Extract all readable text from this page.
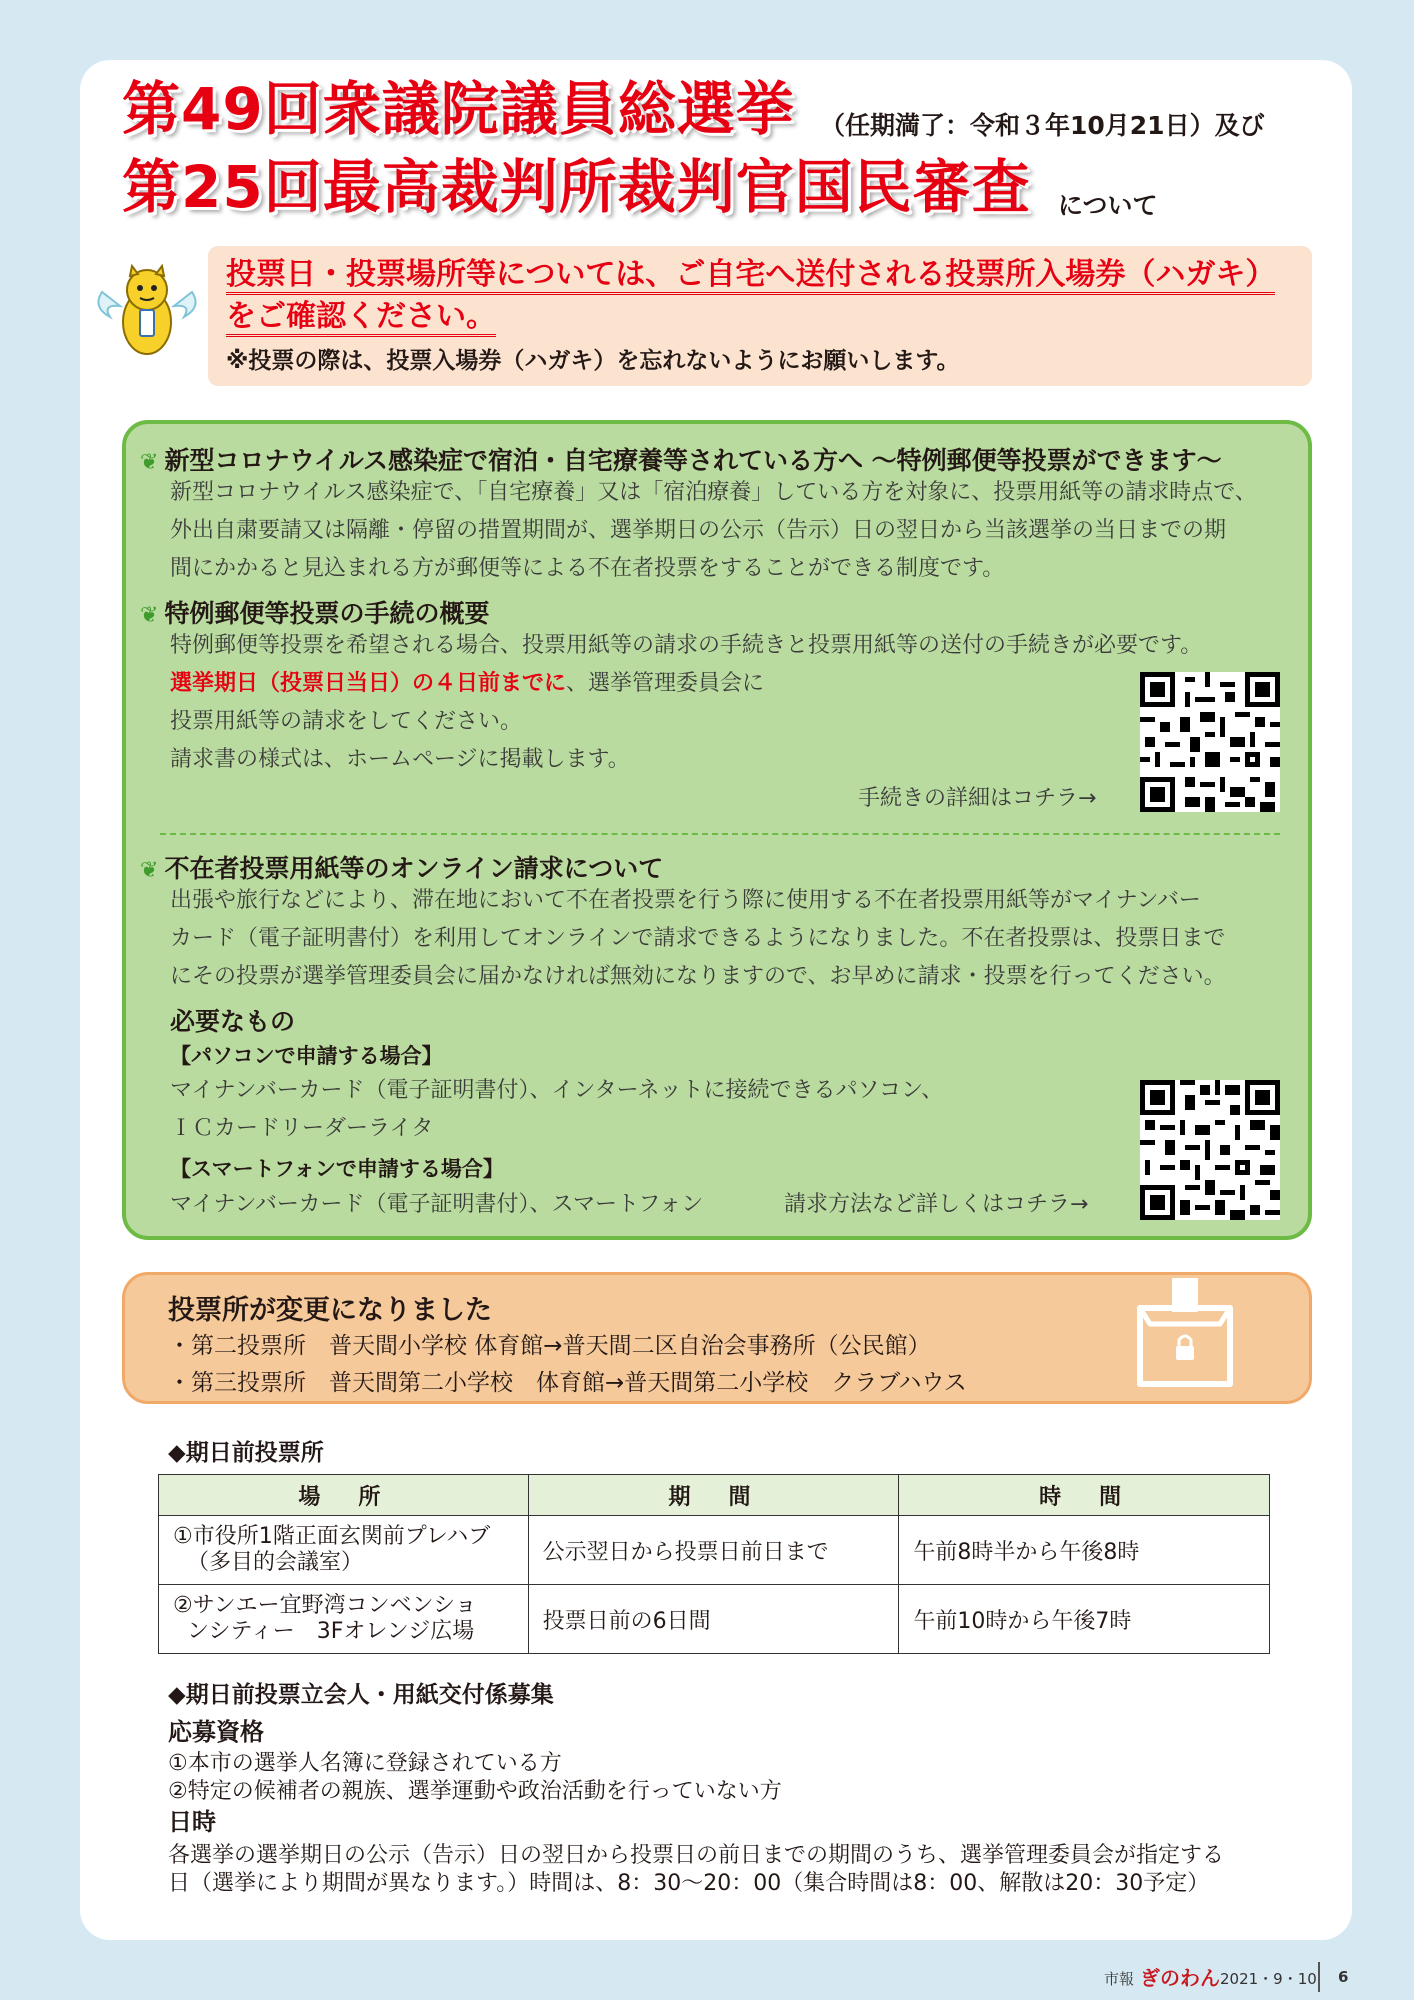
第49回衆議院議員総選挙 （任期満了：令和３年10月21日）及び
第25回最高裁判所裁判官国民審査 について
投票日・投票場所等については、ご自宅へ送付される投票所入場券（ハガキ）をご確認ください。
※投票の際は、投票入場券（ハガキ）を忘れないようにお願いします。
❦ 新型コロナウイルス感染症で宿泊・自宅療養等されている方へ ～特例郵便等投票ができます～
新型コロナウイルス感染症で、「自宅療養」又は「宿泊療養」している方を対象に、投票用紙等の請求時点で、
外出自粛要請又は隔離・停留の措置期間が、選挙期日の公示（告示）日の翌日から当該選挙の当日までの期
間にかかると見込まれる方が郵便等による不在者投票をすることができる制度です。
❦ 特例郵便等投票の手続の概要
特例郵便等投票を希望される場合、投票用紙等の請求の手続きと投票用紙等の送付の手続きが必要です。
選挙期日（投票日当日）の４日前までに、選挙管理委員会に
投票用紙等の請求をしてください。
請求書の様式は、ホームページに掲載します。
手続きの詳細はコチラ→
❦ 不在者投票用紙等のオンライン請求について
出張や旅行などにより、滞在地において不在者投票を行う際に使用する不在者投票用紙等がマイナンバー
カード（電子証明書付）を利用してオンラインで請求できるようになりました。不在者投票は、投票日まで
にその投票が選挙管理委員会に届かなければ無効になりますので、お早めに請求・投票を行ってください。
必要なもの
【パソコンで申請する場合】
マイナンバーカード（電子証明書付）、インターネットに接続できるパソコン、
ＩＣカードリーダーライタ
【スマートフォンで申請する場合】
マイナンバーカード（電子証明書付）、スマートフォン	請求方法など詳しくはコチラ→
投票所が変更になりました
・第二投票所　普天間小学校 体育館→普天間二区自治会事務所（公民館）
・第三投票所　普天間第二小学校　体育館→普天間第二小学校　クラブハウス
◆期日前投票所
場　所	期　間	時　間

①市役所1階正面玄関前プレハブ
（多目的会議室）	公示翌日から投票日前日まで	午前8時半から午後8時

②サンエー宜野湾コンベンショ
ンシティー　3Fオレンジ広場	投票日前の6日間	午前10時から午後7時
◆期日前投票立会人・用紙交付係募集
応募資格
①本市の選挙人名簿に登録されている方
②特定の候補者の親族、選挙運動や政治活動を行っていない方
日時
各選挙の選挙期日の公示（告示）日の翌日から投票日の前日までの期間のうち、選挙管理委員会が指定する
日（選挙により期間が異なります。）時間は、8：30～20：00（集合時間は8：00、解散は20：30予定）
市報 ぎのわん 2021・9・10 6
